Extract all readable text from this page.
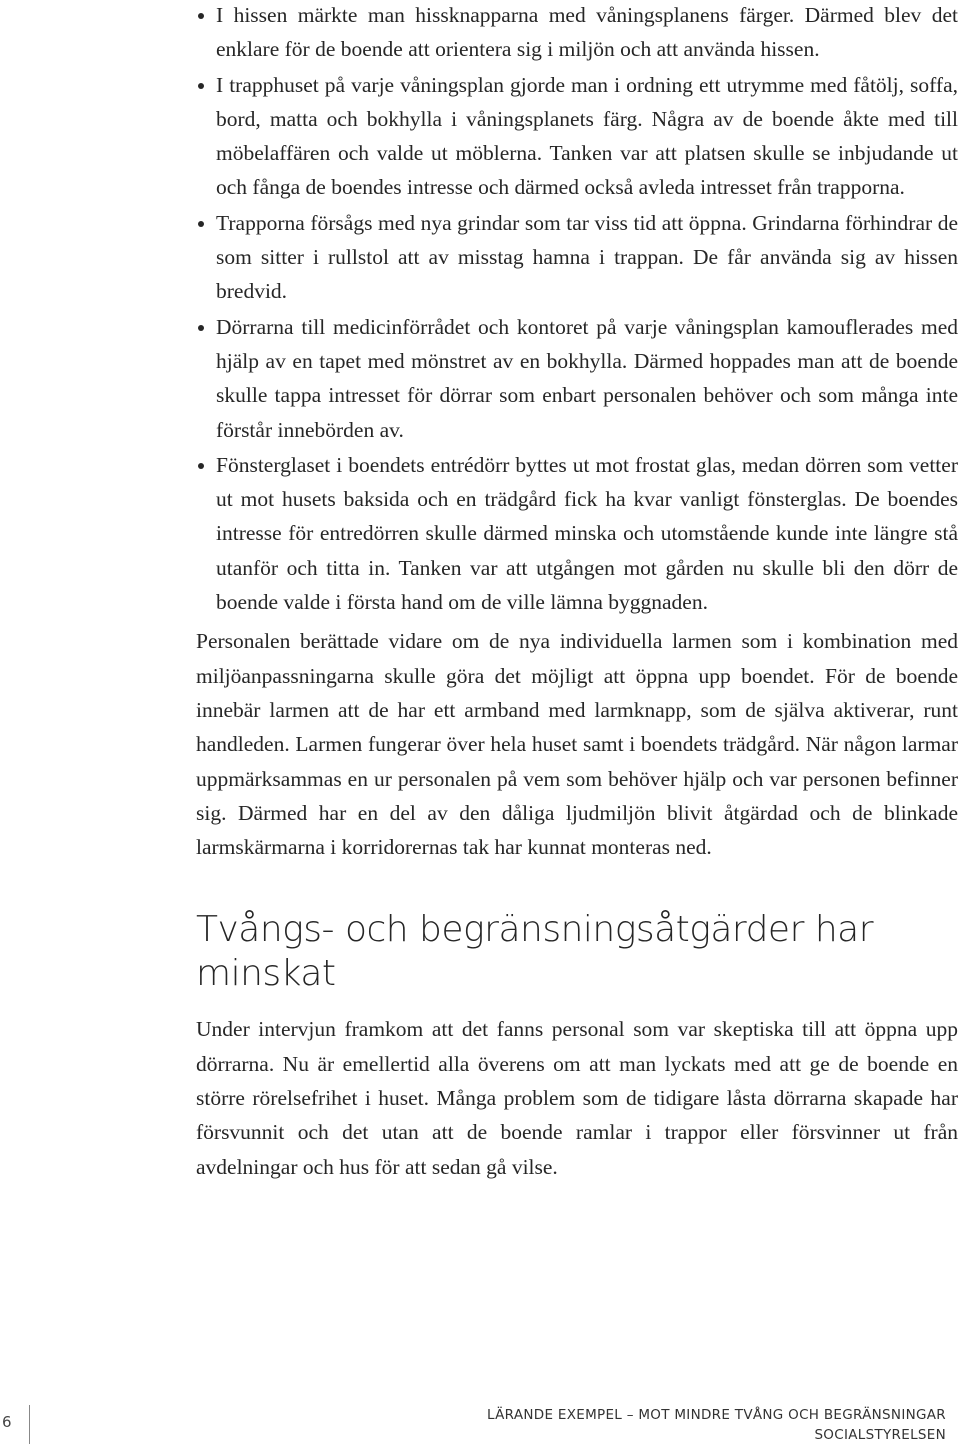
I hissen märkte man hissknapparna med våningsplanens färger. Därmed blev det enklare för de boende att orientera sig i miljön och att använda hissen.
I trapphuset på varje våningsplan gjorde man i ordning ett utrymme med fåtölj, soffa, bord, matta och bokhylla i våningsplanets färg. Några av de boende åkte med till möbelaffären och valde ut möblerna. Tanken var att platsen skulle se inbjudande ut och fånga de boendes intresse och därmed också avleda intresset från trapporna.
Trapporna försågs med nya grindar som tar viss tid att öppna. Grindarna förhindrar de som sitter i rullstol att av misstag hamna i trappan. De får använda sig av hissen bredvid.
Dörrarna till medicinförrådet och kontoret på varje våningsplan kamouflerades med hjälp av en tapet med mönstret av en bokhylla. Därmed hoppades man att de boende skulle tappa intresset för dörrar som enbart personalen behöver och som många inte förstår innebörden av.
Fönsterglaset i boendets entrédörr byttes ut mot frostat glas, medan dörren som vetter ut mot husets baksida och en trädgård fick ha kvar vanligt fönsterglas. De boendes intresse för entredörren skulle därmed minska och utomstående kunde inte längre stå utanför och titta in. Tanken var att utgången mot gården nu skulle bli den dörr de boende valde i första hand om de ville lämna byggnaden.

Personalen berättade vidare om de nya individuella larmen som i kombination med miljöanpassningarna skulle göra det möjligt att öppna upp boendet. För de boende innebär larmen att de har ett armband med larmknapp, som de själva aktiverar, runt handleden. Larmen fungerar över hela huset samt i boendets trädgård. När någon larmar uppmärksammas en ur personalen på vem som behöver hjälp och var personen befinner sig. Därmed har en del av den dåliga ljudmiljön blivit åtgärdad och de blinkade larmskärmarna i korridorernas tak har kunnat monteras ned.

Tvångs- och begränsningsåtgärder har minskat

Under intervjun framkom att det fanns personal som var skeptiska till att öppna upp dörrarna. Nu är emellertid alla överens om att man lyckats med att ge de boende en större rörelsefrihet i huset. Många problem som de tidigare låsta dörrarna skapade har försvunnit och det utan att de boende ramlar i trappor eller försvinner ut från avdelningar och hus för att sedan gå vilse.

6	LÄRANDE EXEMPEL – MOT MINDRE TVÅNG OCH BEGRÄNSNINGAR
SOCIALSTYRELSEN
